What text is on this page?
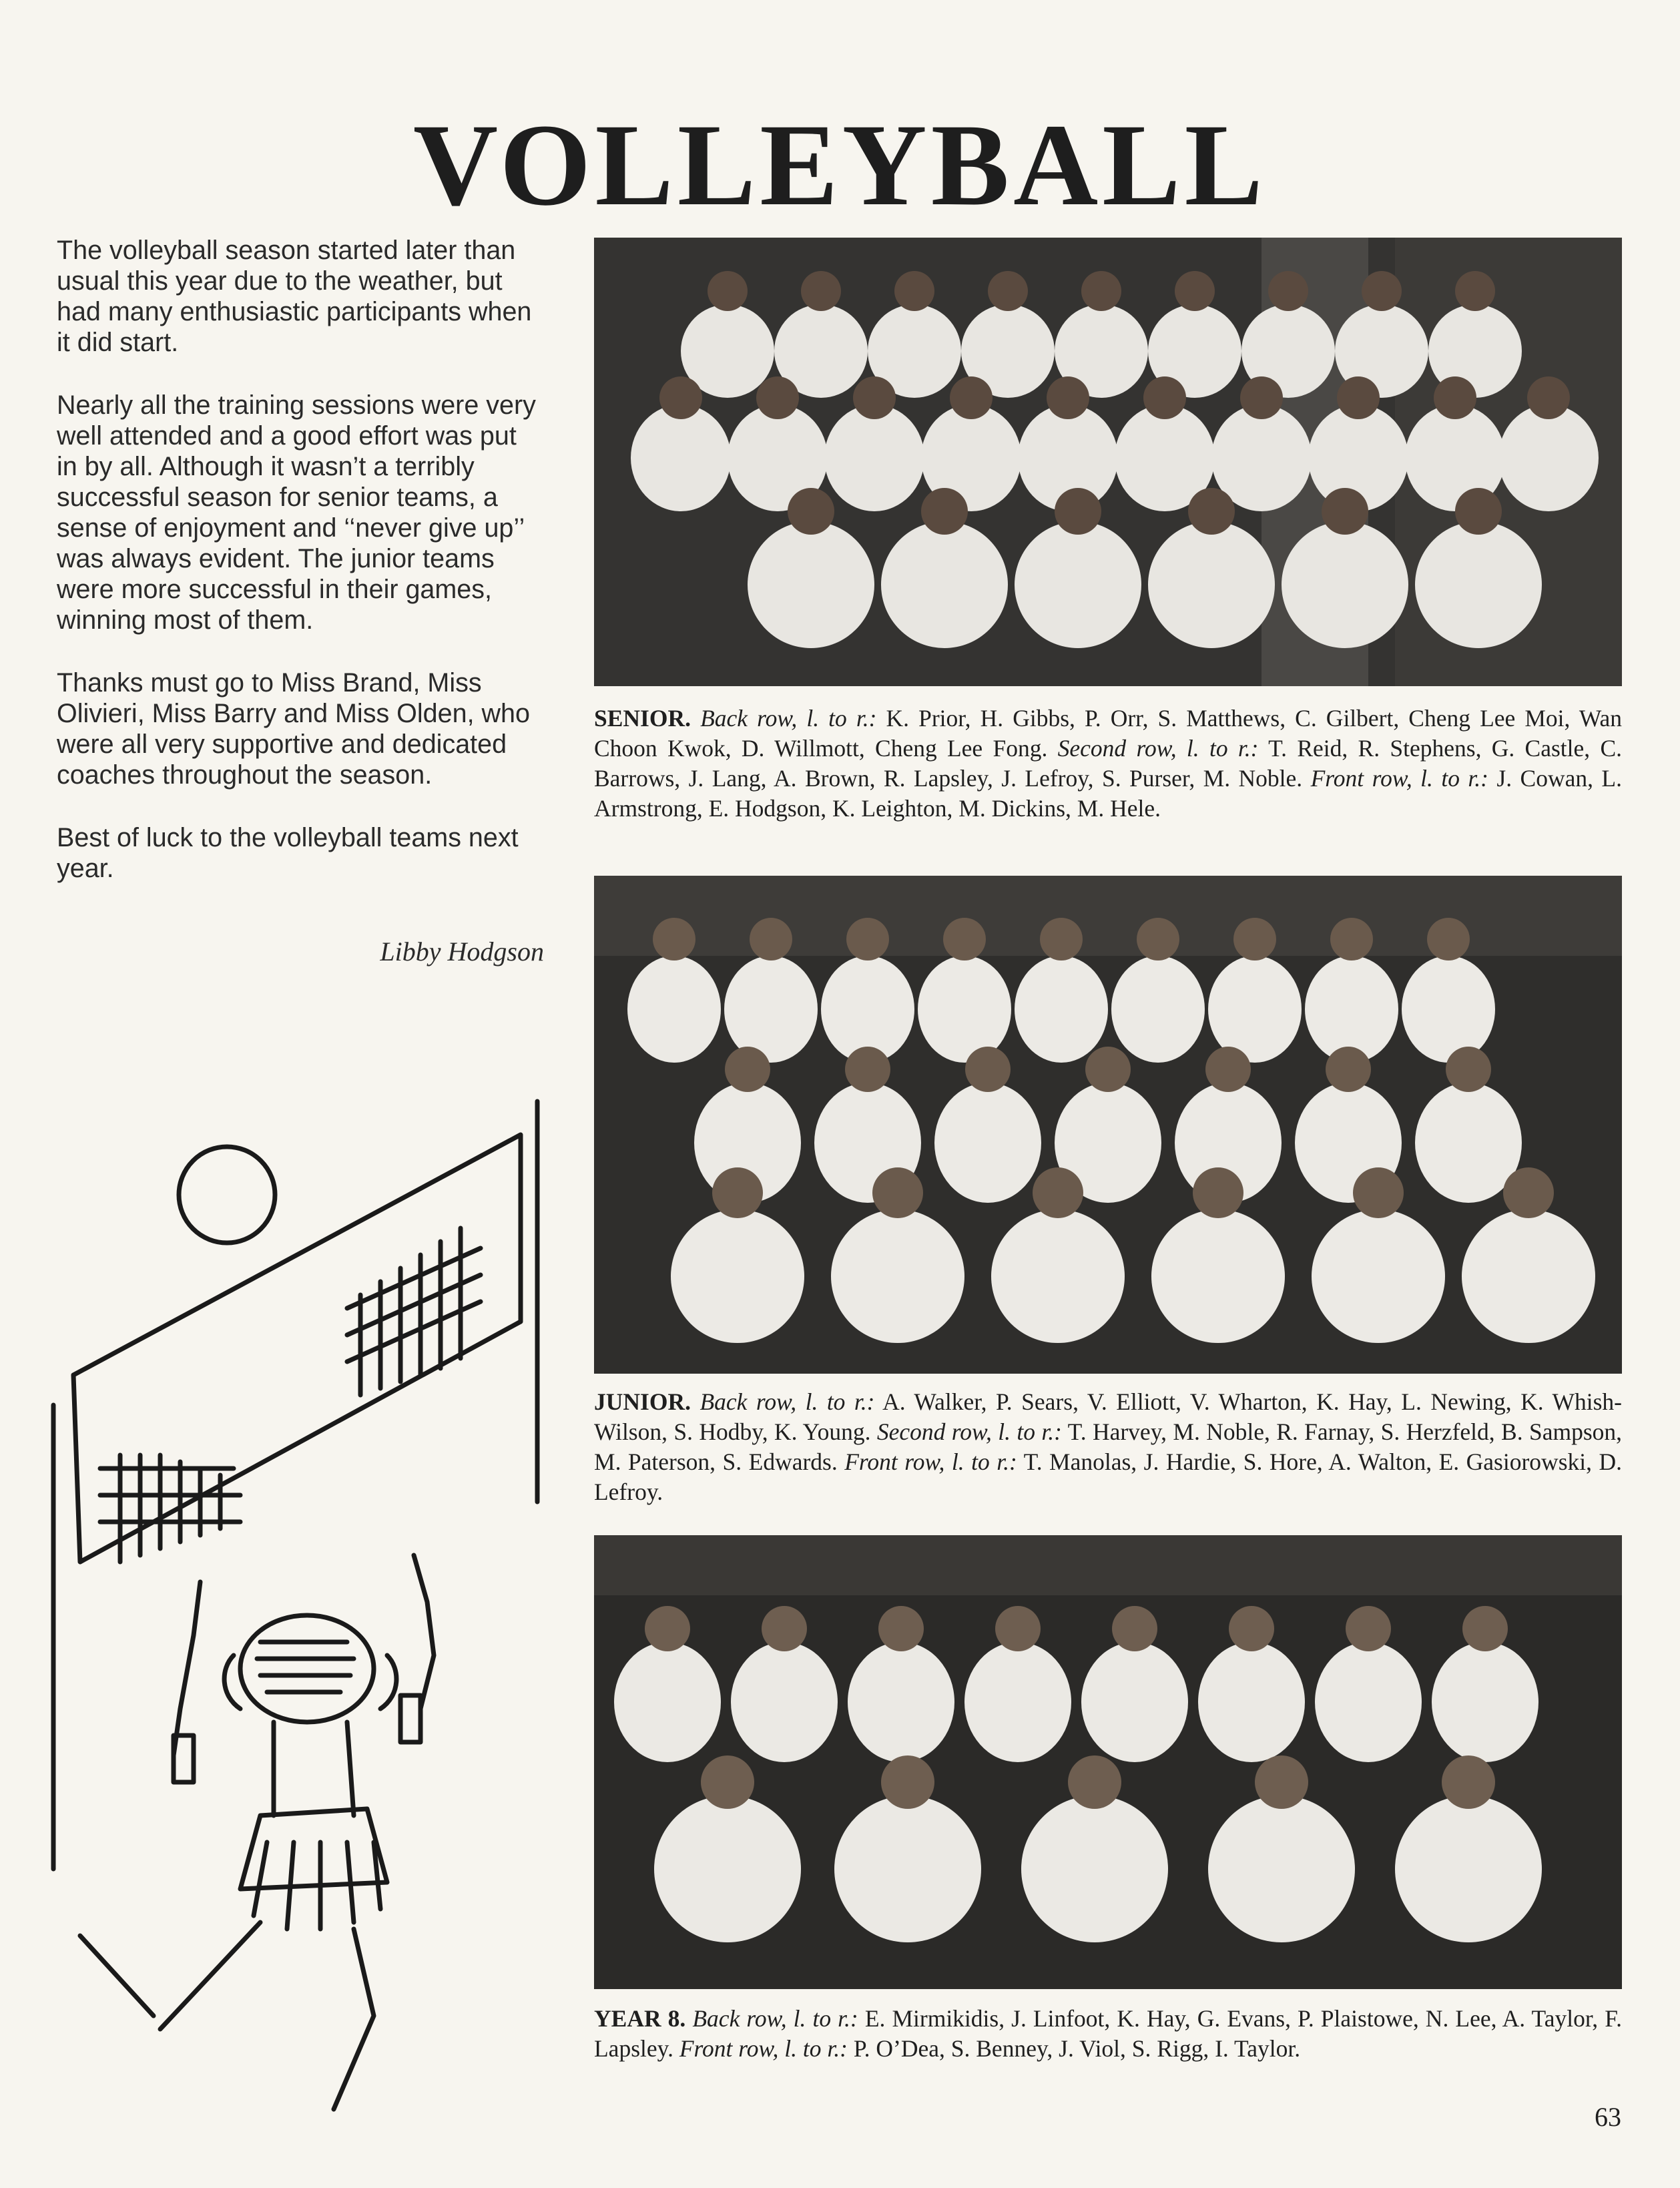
VOLLEYBALL

The volleyball season started later than usual this year due to the weather, but had many enthusiastic participants when it did start.

Nearly all the training sessions were very well attended and a good effort was put in by all. Although it wasn’t a terribly successful season for senior teams, a sense of enjoyment and ‘‘never give up’’ was always evident. The junior teams were more successful in their games, winning most of them.

Thanks must go to Miss Brand, Miss Olivieri, Miss Barry and Miss Olden, who were all very supportive and dedicated coaches throughout the season.

Best of luck to the volleyball teams next year.

Libby Hodgson
SENIOR. Back row, l. to r.: K. Prior, H. Gibbs, P. Orr, S. Matthews, C. Gilbert, Cheng Lee Moi, Wan Choon Kwok, D. Willmott, Cheng Lee Fong. Second row, l. to r.: T. Reid, R. Stephens, G. Castle, C. Barrows, J. Lang, A. Brown, R. Lapsley, J. Lefroy, S. Purser, M. Noble. Front row, l. to r.: J. Cowan, L. Armstrong, E. Hodgson, K. Leighton, M. Dickins, M. Hele.
JUNIOR. Back row, l. to r.: A. Walker, P. Sears, V. Elliott, V. Wharton, K. Hay, L. Newing, K. Whish-Wilson, S. Hodby, K. Young. Second row, l. to r.: T. Harvey, M. Noble, R. Farnay, S. Herzfeld, B. Sampson, M. Paterson, S. Edwards. Front row, l. to r.: T. Manolas, J. Hardie, S. Hore, A. Walton, E. Gasiorowski, D. Lefroy.
YEAR 8. Back row, l. to r.: E. Mirmikidis, J. Linfoot, K. Hay, G. Evans, P. Plaistowe, N. Lee, A. Taylor, F. Lapsley. Front row, l. to r.: P. O’Dea, S. Benney, J. Viol, S. Rigg, I. Taylor.
63
